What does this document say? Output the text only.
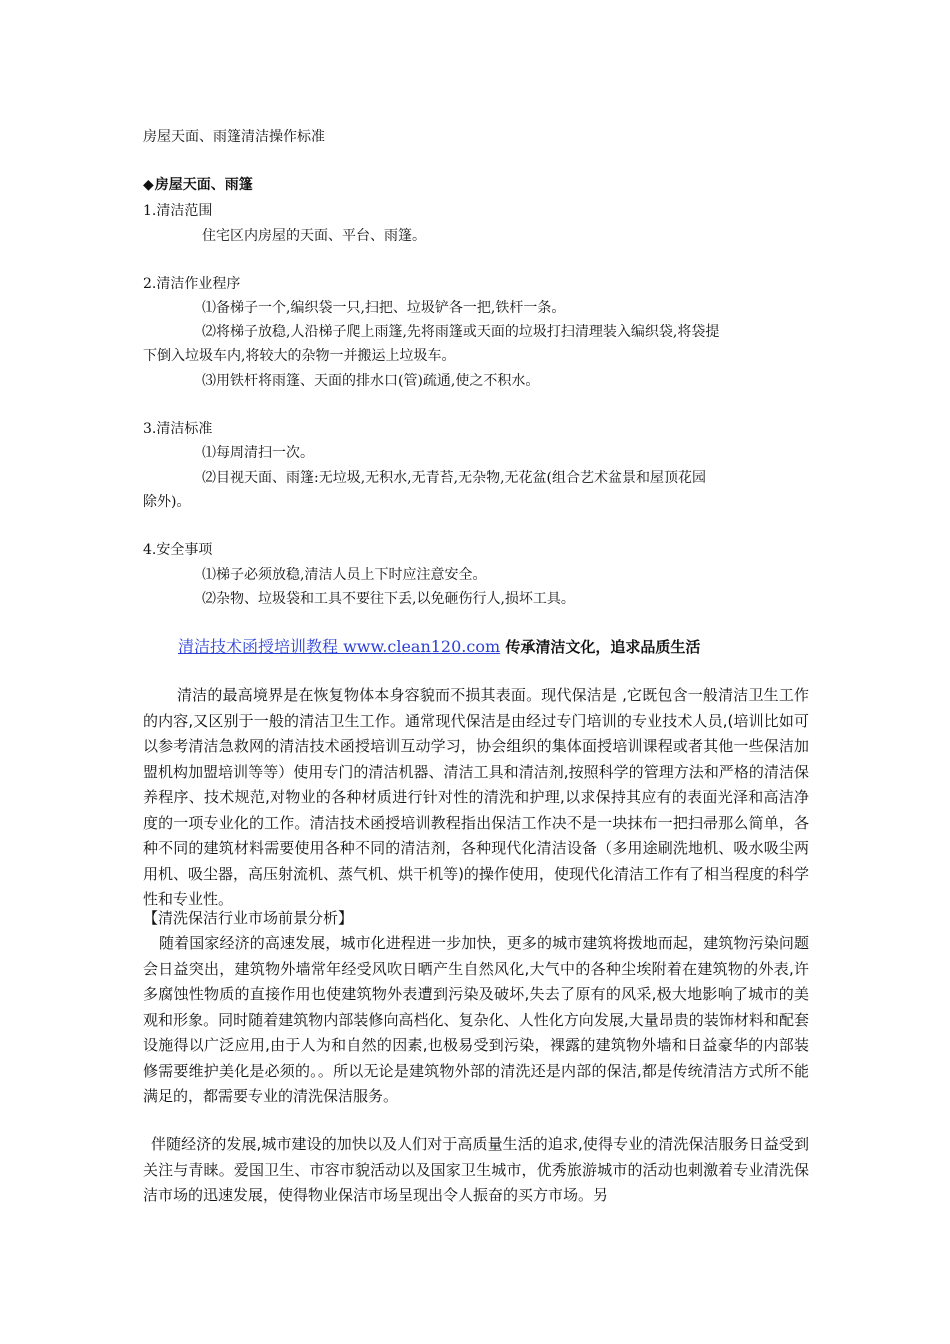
房屋天面、雨篷清洁操作标准
◆房屋天面、雨篷
1.清洁范围
住宅区内房屋的天面、平台、雨篷。
2.清洁作业程序
⑴备梯子一个,编织袋一只,扫把、垃圾铲各一把,铁杆一条。
⑵将梯子放稳,人沿梯子爬上雨篷,先将雨篷或天面的垃圾打扫清理装入编织袋,将袋提
下倒入垃圾车内,将较大的杂物一并搬运上垃圾车。
⑶用铁杆将雨篷、天面的排水口(管)疏通,使之不积水。
3.清洁标准
⑴每周清扫一次。
⑵目视天面、雨篷:无垃圾,无积水,无青苔,无杂物,无花盆(组合艺术盆景和屋顶花园
除外)。
4.安全事项
⑴梯子必须放稳,清洁人员上下时应注意安全。
⑵杂物、垃圾袋和工具不要往下丢,以免砸伤行人,损坏工具。
清洁技术函授培训教程 www.clean120.com 传承清洁文化，追求品质生活
清洁的最高境界是在恢复物体本身容貌而不损其表面。现代保洁是 ,它既包含一般清洁卫生工作的内容,又区别于一般的清洁卫生工作。通常现代保洁是由经过专门培训的专业技术人员,(培训比如可以参考清洁急救网的清洁技术函授培训互动学习，协会组织的集体面授培训课程或者其他一些保洁加盟机构加盟培训等等）使用专门的清洁机器、清洁工具和清洁剂,按照科学的管理方法和严格的清洁保养程序、技术规范,对物业的各种材质进行针对性的清洗和护理,以求保持其应有的表面光泽和高洁净度的一项专业化的工作。清洁技术函授培训教程指出保洁工作决不是一块抹布一把扫帚那么简单，各种不同的建筑材料需要使用各种不同的清洁剂，各种现代化清洁设备（多用途刷洗地机、吸水吸尘两用机、吸尘器，高压射流机、蒸气机、烘干机等)的操作使用，使现代化清洁工作有了相当程度的科学性和专业性。
【清洗保洁行业市场前景分析】
随着国家经济的高速发展，城市化进程进一步加快，更多的城市建筑将拨地而起，建筑物污染问题会日益突出，建筑物外墙常年经受风吹日晒产生自然风化,大气中的各种尘埃附着在建筑物的外表,许多腐蚀性物质的直接作用也使建筑物外表遭到污染及破坏,失去了原有的风采,极大地影响了城市的美观和形象。同时随着建筑物内部装修向高档化、复杂化、人性化方向发展,大量昂贵的装饰材料和配套设施得以广泛应用,由于人为和自然的因素,也极易受到污染，裸露的建筑物外墙和日益豪华的内部装修需要维护美化是必须的。。所以无论是建筑物外部的清洗还是内部的保洁,都是传统清洁方式所不能满足的，都需要专业的清洗保洁服务。
伴随经济的发展,城市建设的加快以及人们对于高质量生活的追求,使得专业的清洗保洁服务日益受到关注与青睐。爱国卫生、市容市貌活动以及国家卫生城市，优秀旅游城市的活动也刺激着专业清洗保洁市场的迅速发展，使得物业保洁市场呈现出令人振奋的买方市场。另
